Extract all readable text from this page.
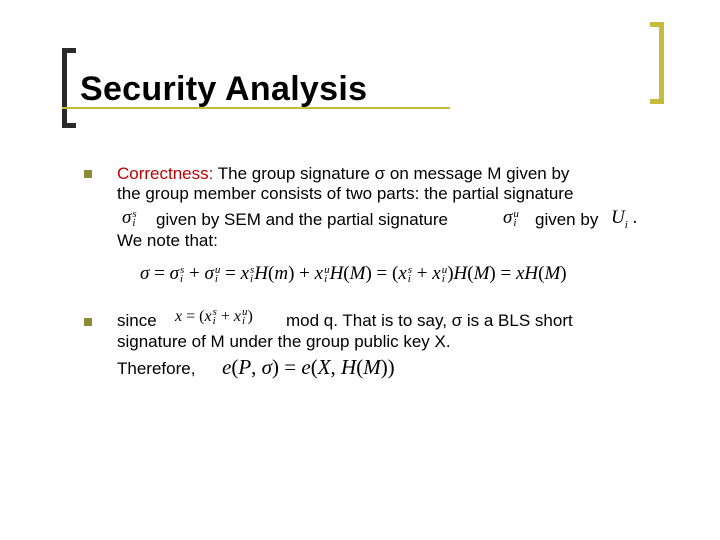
Security Analysis
Correctness: The group signature σ on message M given by
the group member consists of two parts: the partial signature
σs
i given by SEM and the partial signature	σu
i given by $U_i$ .
We note that:
σ = σs
i + σu
i = xs
iH(m) + xu
i H(M) = (xs
i + xu
i )H(M) = xH(M)
since x = (xs
i + xu
i ) mod q. That is to say, σ is a BLS short
signature of M under the group public key X.
Therefore, e(P, σ) = e(X, H(M))
